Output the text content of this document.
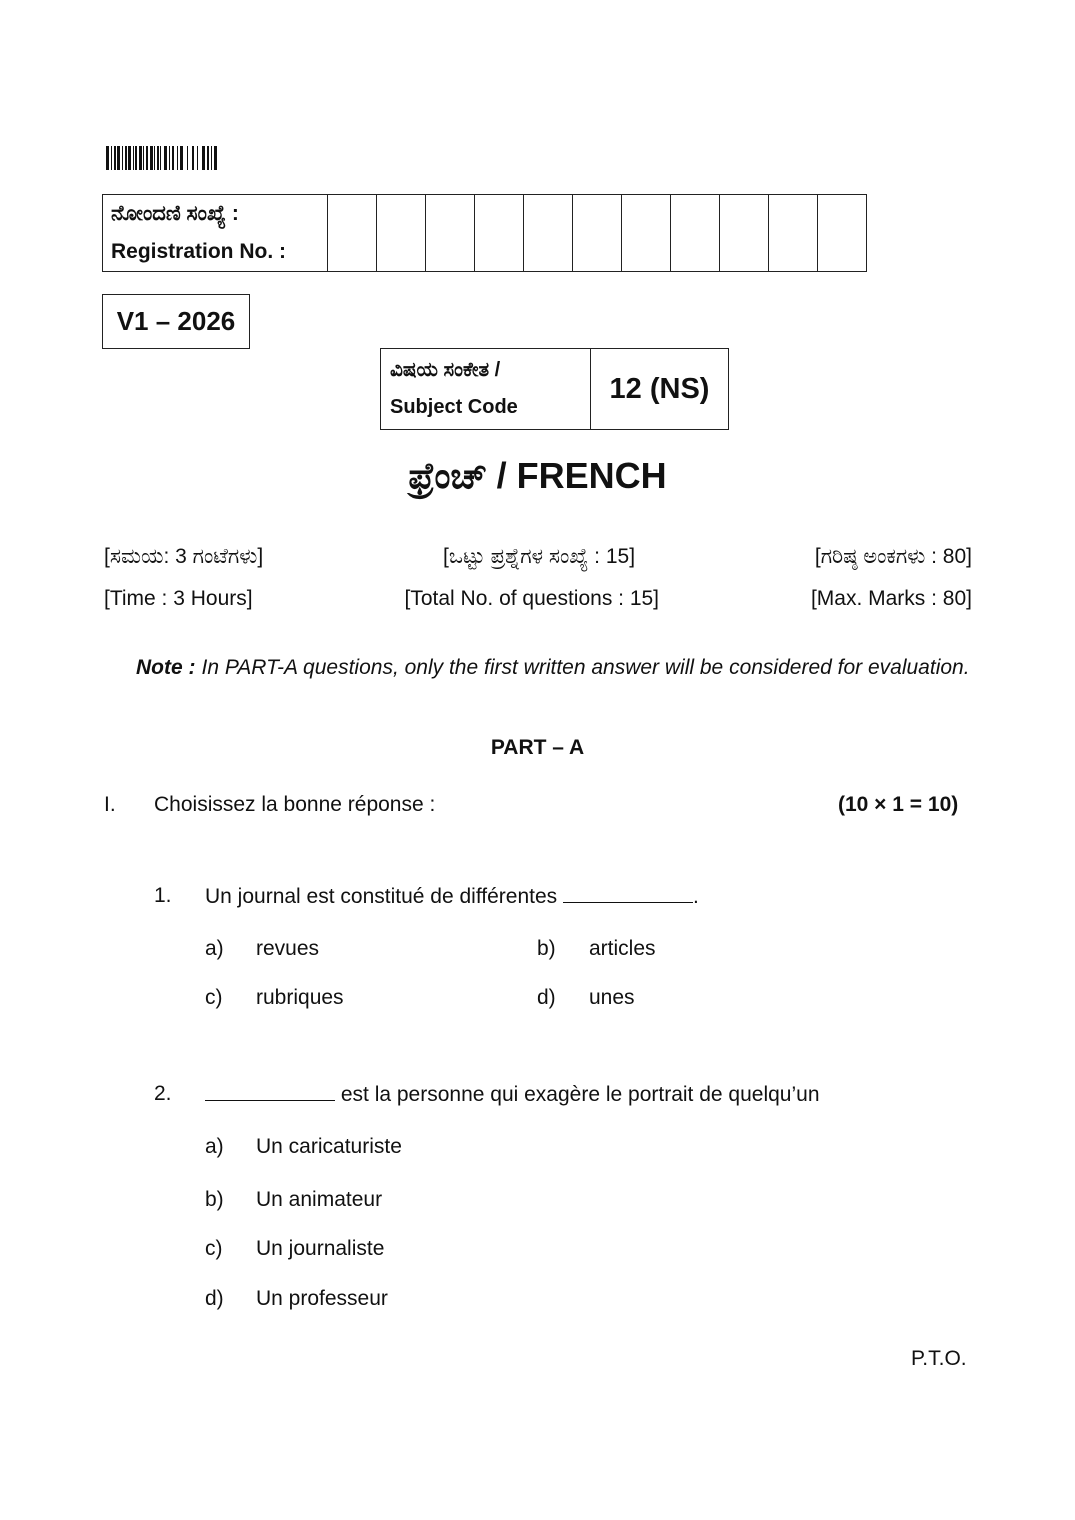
ನೋಂದಣಿ ಸಂಖ್ಯೆ :
Registration No. :

V1 – 2026
ವಿಷಯ ಸಂಕೇತ /
Subject Code
	12 (NS)
ಫ್ರೆಂಚ್ / FRENCH
[ಸಮಯ: 3 ಗಂಟೆಗಳು]	[ಒಟ್ಟು ಪ್ರಶ್ನೆಗಳ ಸಂಖ್ಯೆ : 15]	[ಗರಿಷ್ಠ ಅಂಕಗಳು : 80]
[Time : 3 Hours]	[Total No. of questions : 15]	[Max. Marks : 80]
Note : In PART-A questions, only the first written answer will be considered for evaluation.
PART – A
I. Choisissez la bonne réponse :	(10 × 1 = 10)
1. Un journal est constitué de différentes	.
a) revues	b) articles
c) rubriques	d) unes
2.	est la personne qui exagère le portrait de quelqu’un
a) Un caricaturiste
b) Un animateur
c) Un journaliste
d) Un professeur
P.T.O.
